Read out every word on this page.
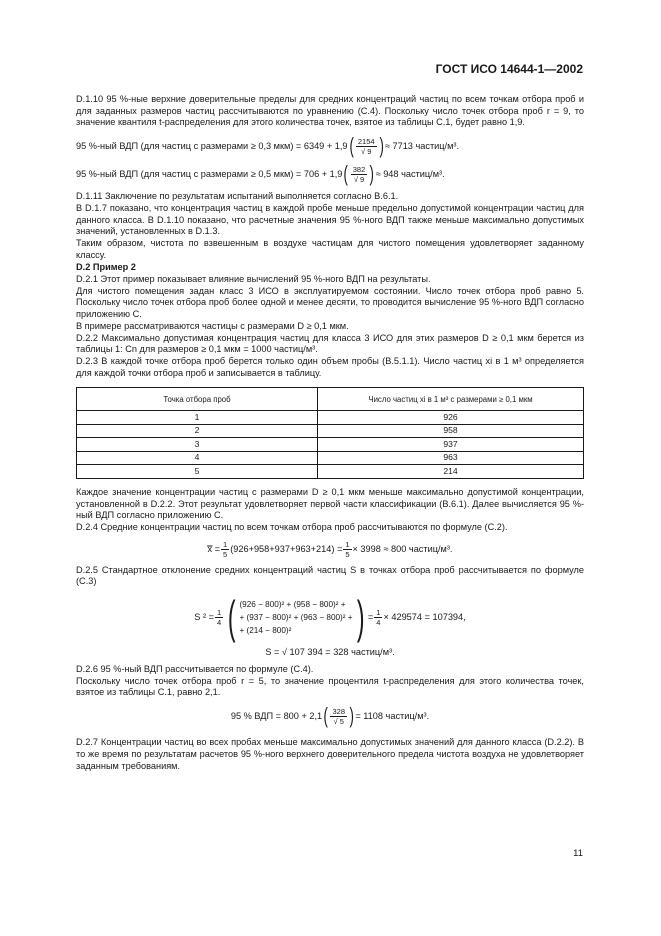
ГОСТ ИСО 14644-1—2002

D.1.10 95 %-ные верхние доверительные пределы для средних концентраций частиц по всем точкам отбора проб и для заданных размеров частиц рассчитываются по уравнению (С.4). Поскольку число точек отбора проб r = 9, то значение квантиля t-распределения для этого количества точек, взятое из таблицы С.1, будет равно 1,9.

95 %-ный ВДП (для частиц с размерами ≥ 0,3 мкм) = 6349 + 1,9 ( $\frac{2154}{√ 9}$ ) ≈ 7713 частиц/м³.
95 %-ный ВДП (для частиц с размерами ≥ 0,5 мкм) = 706 + 1,9 ( $\frac{382}{√ 9}$ ) ≈ 948 частиц/м³.

D.1.11 Заключение по результатам испытаний выполняется согласно В.6.1.

В D.1.7 показано, что концентрация частиц в каждой пробе меньше предельно допустимой концентрации частиц для данного класса. В D.1.10 показано, что расчетные значения 95 %-ного ВДП также меньше максимально допустимых значений, установленных в D.1.3.

Таким образом, чистота по взвешенным в воздухе частицам для чистого помещения удовлетворяет заданному классу.

D.2 Пример 2

D.2.1 Этот пример показывает влияние вычислений 95 %-ного ВДП на результаты.

Для чистого помещения задан класс 3 ИСО в эксплуатируемом состоянии. Число точек отбора проб равно 5. Поскольку число точек отбора проб более одной и менее десяти, то проводится вычисление 95 %-ного ВДП согласно приложению С.

В примере рассматриваются частицы с размерами D ≥ 0,1 мкм.

D.2.2 Максимально допустимая концентрация частиц для класса 3 ИСО для этих размеров D ≥ 0,1 мкм берется из таблицы 1: Cn для размеров ≥ 0,1 мкм = 1000 частиц/м³.

D.2.3 В каждой точке отбора проб берется только один объем пробы (В.5.1.1). Число частиц xi в 1 м³ определяется для каждой точки отбора проб и записывается в таблицу.

Точка отбора проб	Число частиц xi в 1 м³ с размерами ≥ 0,1 мкм
1	926
2	958
3	937
4	963
5	214

Каждое значение концентрации частиц с размерами D ≥ 0,1 мкм меньше максимально допустимой концентрации, установленной в D.2.2. Этот результат удовлетворяет первой части классификации (В.6.1). Далее вычисляется 95 %-ный ВДП согласно приложению С.

D.2.4 Средние концентрации частиц по всем точкам отбора проб рассчитываются по формуле (С.2).

x̿ = $\frac{1}{5} (926+958+937+963+214) = \frac{1}{5} \times 3998 \approx 800$ частиц/м³.

D.2.5 Стандартное отклонение средних концентраций частиц S в точках отбора проб рассчитывается по формуле (С.3)

S $^2 = \frac{1}{4}$ ( (926 − 800)² + (958 − 800)² +
+ (937 − 800)² + (963 − 800)² +
+ (214 − 800)²	) = $\frac{1}{4} \times 429574 = 107394$,
S = √ 107 394 = 328 частиц/м³.

D.2.6 95 %-ный ВДП рассчитывается по формуле (С.4).

Поскольку число точек отбора проб r = 5, то значение процентиля t-распределения для этого количества точек, взятое из таблицы С.1, равно 2,1.

95 % ВДП = 800 + 2,1 ( $\frac{328}{√ 5}$ ) = 1108 частиц/м³.

D.2.7 Концентрации частиц во всех пробах меньше максимально допустимых значений для данного класса (D.2.2). В то же время по результатам расчетов 95 %-ного верхнего доверительного предела чистота воздуха не удовлетворяет заданным требованиям.

11
